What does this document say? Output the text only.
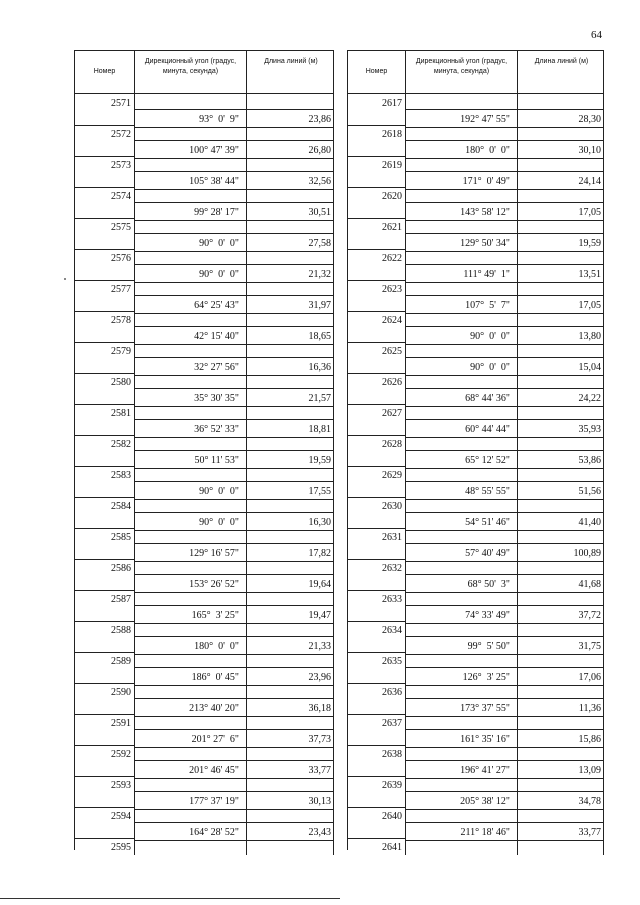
64
Номер
Дирекционный угол (градус, минута, секунда)
Длина линий (м)
2571
93°  0'  9"	23,86
2572
100° 47' 39"	26,80
2573
105° 38' 44"	32,56
2574
99° 28' 17"	30,51
2575
90°  0'  0"	27,58
2576
90°  0'  0"	21,32
2577
64° 25' 43"	31,97
2578
42° 15' 40"	18,65
2579
32° 27' 56"	16,36
2580
35° 30' 35"	21,57
2581
36° 52' 33"	18,81
2582
50° 11' 53"	19,59
2583
90°  0'  0"	17,55
2584
90°  0'  0"	16,30
2585
129° 16' 57"	17,82
2586
153° 26' 52"	19,64
2587
165°  3' 25"	19,47
2588
180°  0'  0"	21,33
2589
186°  0' 45"	23,96
2590
213° 40' 20"	36,18
2591
201° 27'  6"	37,73
2592
201° 46' 45"	33,77
2593
177° 37' 19"	30,13
2594
164° 28' 52"	23,43
2595
Номер
Дирекционный угол (градус, минута, секунда)
Длина линий (м)
2617
192° 47' 55"	28,30
2618
180°  0'  0"	30,10
2619
171°  0' 49"	24,14
2620
143° 58' 12"	17,05
2621
129° 50' 34"	19,59
2622
111° 49'  1"	13,51
2623
107°  5'  7"	17,05
2624
90°  0'  0"	13,80
2625
90°  0'  0"	15,04
2626
68° 44' 36"	24,22
2627
60° 44' 44"	35,93
2628
65° 12' 52"	53,86
2629
48° 55' 55"	51,56
2630
54° 51' 46"	41,40
2631
57° 40' 49"	100,89
2632
68° 50'  3"	41,68
2633
74° 33' 49"	37,72
2634
99°  5' 50"	31,75
2635
126°  3' 25"	17,06
2636
173° 37' 55"	11,36
2637
161° 35' 16"	15,86
2638
196° 41' 27"	13,09
2639
205° 38' 12"	34,78
2640
211° 18' 46"	33,77
2641
